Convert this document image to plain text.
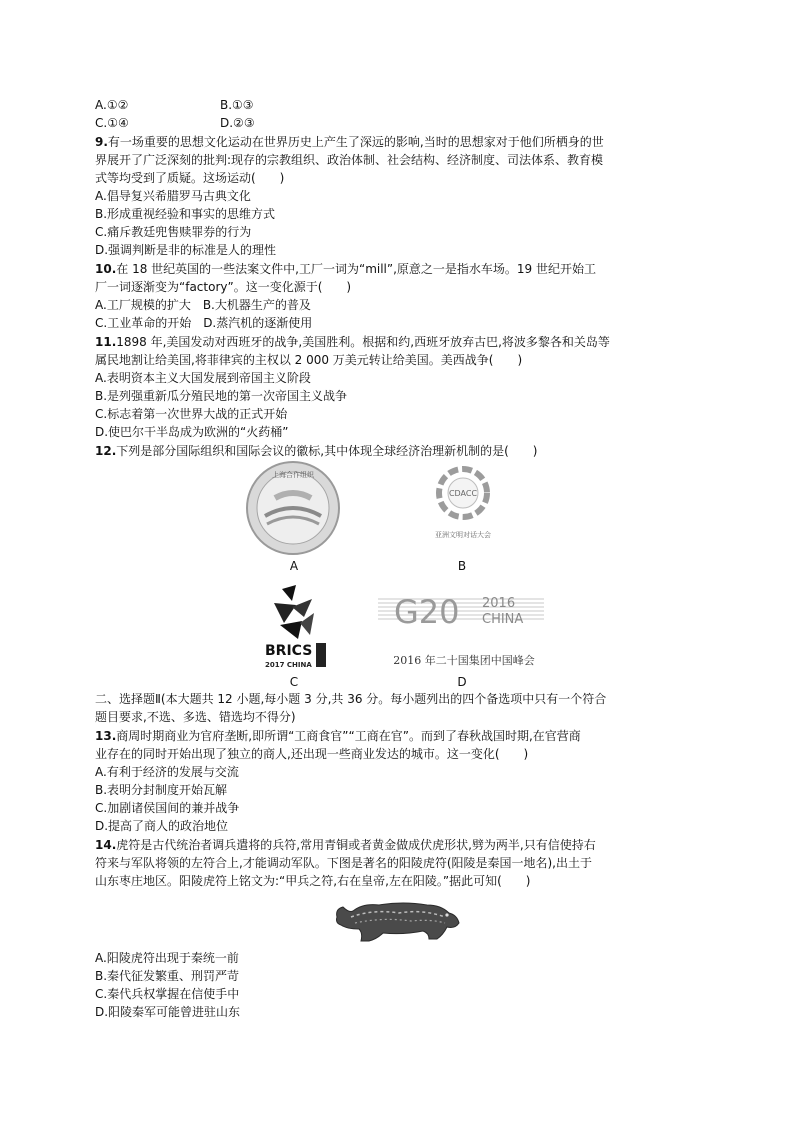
A.①②	B.①③
C.①④	D.②③
9.有一场重要的思想文化运动在世界历史上产生了深远的影响,当时的思想家对于他们所栖身的世
界展开了广泛深刻的批判:现存的宗教组织、政治体制、社会结构、经济制度、司法体系、教育模
式等均受到了质疑。这场运动(　　)
A.倡导复兴希腊罗马古典文化
B.形成重视经验和事实的思维方式
C.痛斥教廷兜售赎罪券的行为
D.强调判断是非的标准是人的理性
10.在 18 世纪英国的一些法案文件中,工厂一词为“mill”,原意之一是指水车场。19 世纪开始工
厂一词逐渐变为“factory”。这一变化源于(　　)
A.工厂规模的扩大　B.大机器生产的普及
C.工业革命的开始　D.蒸汽机的逐渐使用
11.1898 年,美国发动对西班牙的战争,美国胜利。根据和约,西班牙放弃古巴,将波多黎各和关岛等
属民地割让给美国,将菲律宾的主权以 2 000 万美元转让给美国。美西战争(　　)
A.表明资本主义大国发展到帝国主义阶段
B.是列强重新瓜分殖民地的第一次帝国主义战争
C.标志着第一次世界大战的正式开始
D.使巴尔干半岛成为欧洲的“火药桶”
12.下列是部分国际组织和国际会议的徽标,其中体现全球经济治理新机制的是(　　)
上海合作组织
CDACC
亚洲文明对话大会
A	B
BRICS
2017 CHINA
G20 2016
CHINA
2016 年二十国集团中国峰会
C	D
二、选择题Ⅱ(本大题共 12 小题,每小题 3 分,共 36 分。每小题列出的四个备选项中只有一个符合
题目要求,不选、多选、错选均不得分)
13.商周时期商业为官府垄断,即所谓“工商食官”“工商在官”。而到了春秋战国时期,在官营商
业存在的同时开始出现了独立的商人,还出现一些商业发达的城市。这一变化(　　)
A.有利于经济的发展与交流
B.表明分封制度开始瓦解
C.加剧诸侯国间的兼并战争
D.提高了商人的政治地位
14.虎符是古代统治者调兵遣将的兵符,常用青铜或者黄金做成伏虎形状,劈为两半,只有信使持右
符来与军队将领的左符合上,才能调动军队。下图是著名的阳陵虎符(阳陵是秦国一地名),出土于
山东枣庄地区。阳陵虎符上铭文为:“甲兵之符,右在皇帝,左在阳陵。”据此可知(　　)
A.阳陵虎符出现于秦统一前
B.秦代征发繁重、刑罚严苛
C.秦代兵权掌握在信使手中
D.阳陵秦军可能曾进驻山东
